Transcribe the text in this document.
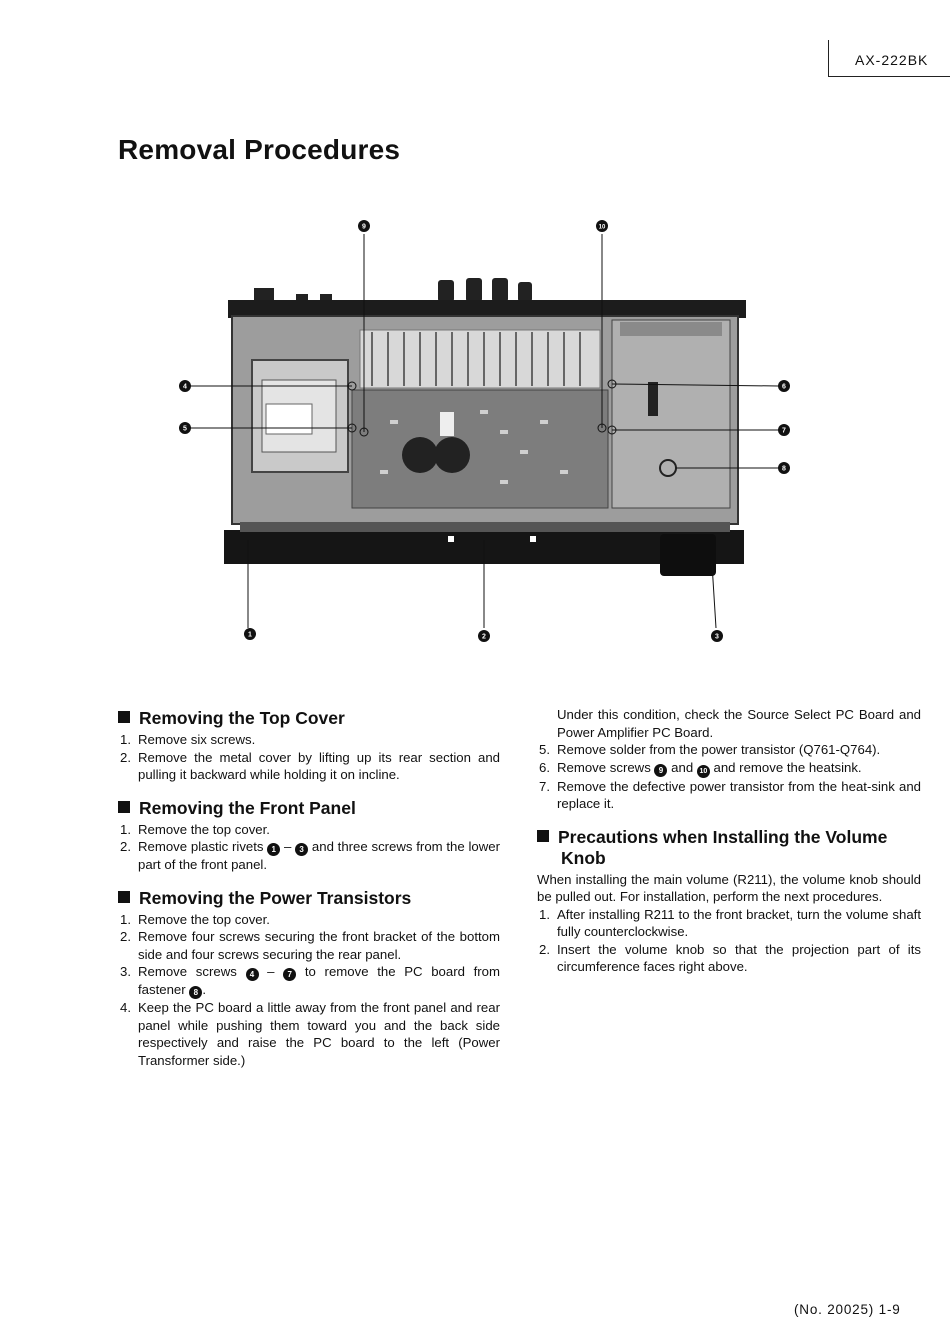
AX-222BK
Removal Procedures
1	2	3
4
5
6
7
8
9	10
Removing the Top Cover
1. Remove six screws.
2. Remove the metal cover by lifting up its rear section and pulling it backward while holding it on incline.
Removing the Front Panel
1. Remove the top cover.
2. Remove plastic rivets 1 – 3 and three screws from the lower part of the front panel.
Removing the Power Transistors
1. Remove the top cover.
2. Remove four screws securing the front bracket of the bottom side and four screws securing the rear panel.
3. Remove screws 4 – 7 to remove the PC board from fastener 8 .
4. Keep the PC board a little away from the front panel and rear panel while pushing them toward you and the back side respectively and raise the PC board to the left (Power Transformer side.)
Under this condition, check the Source Select PC Board and Power Amplifier PC Board.
5. Remove solder from the power transistor (Q761-Q764).
6. Remove screws 9 and 10 and remove the heatsink.
7. Remove the defective power transistor from the heat-sink and replace it.
Precautions when Installing the Volume Knob

When installing the main volume (R211), the volume knob should be pulled out. For installation, perform the next procedures.

1. After installing R211 to the front bracket, turn the volume shaft fully counterclockwise.
2. Insert the volume knob so that the projection part of its circumference faces right above.
(No. 20025) 1-9
